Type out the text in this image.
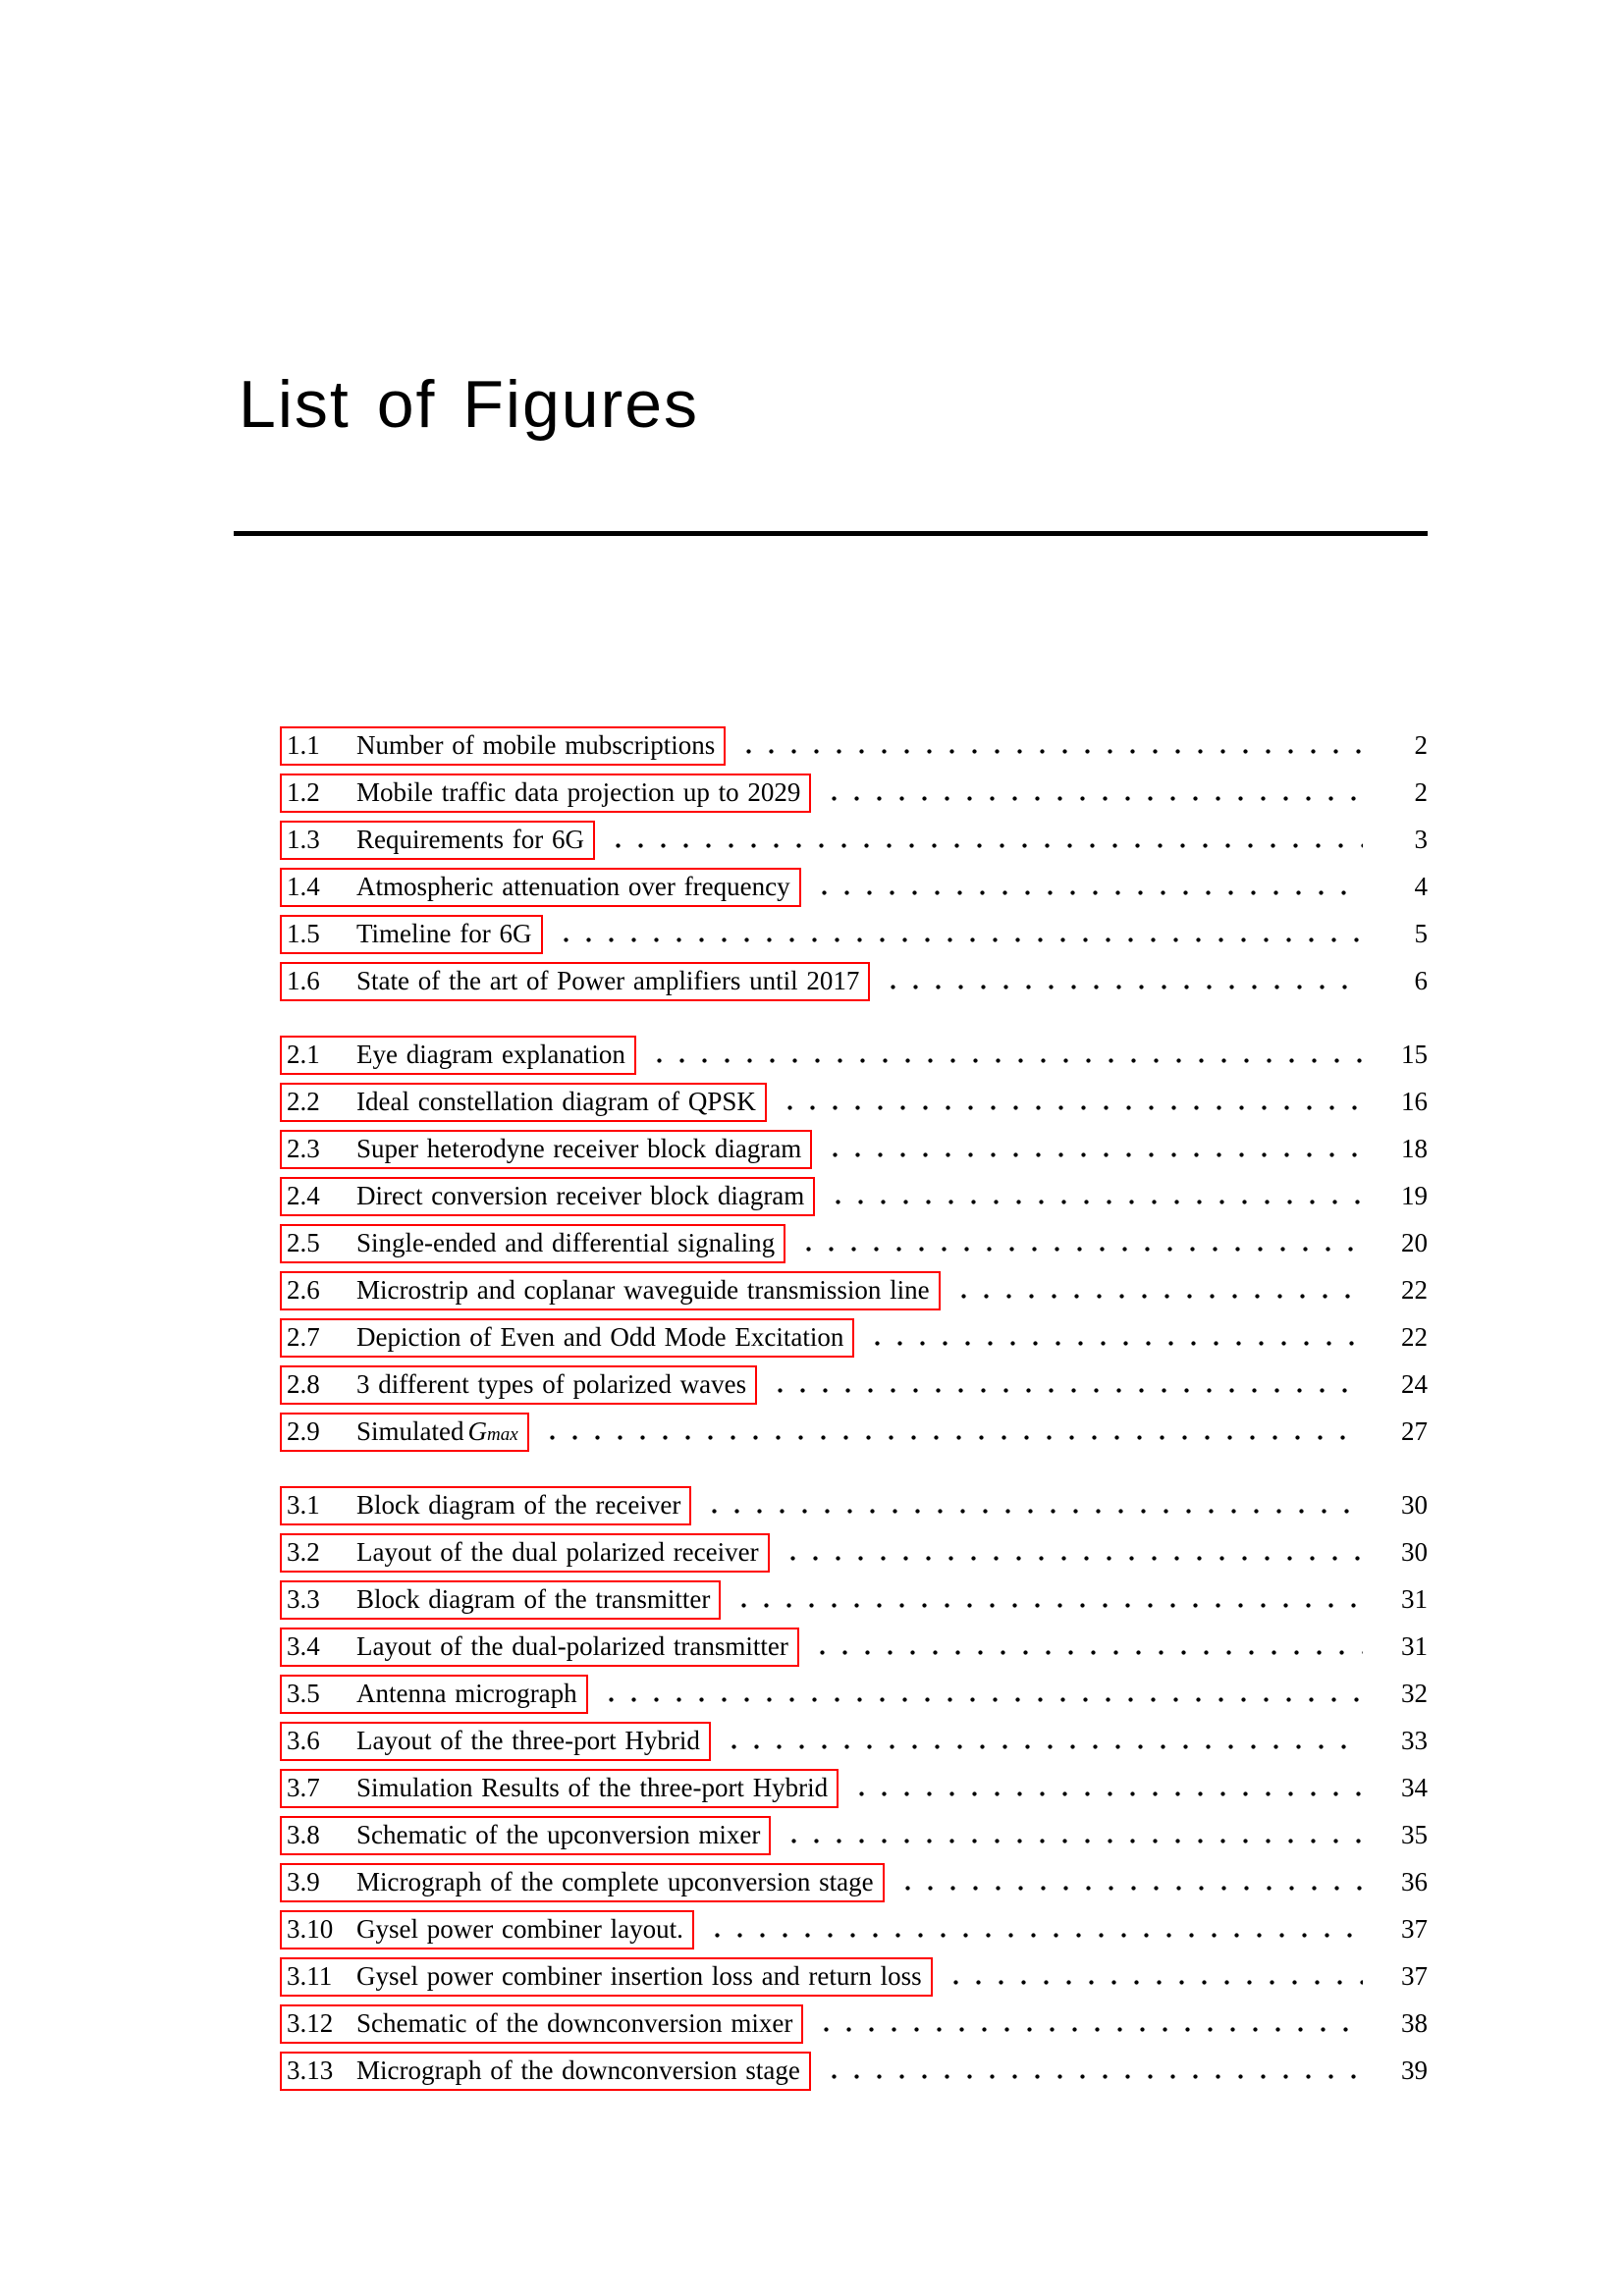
List of Figures
1.1	Number of mobile mubscriptions	2
1.2	Mobile traffic data projection up to 2029	2
1.3	Requirements for 6G	3
1.4	Atmospheric attenuation over frequency	4
1.5	Timeline for 6G	5
1.6	State of the art of Power amplifiers until 2017	6
2.1	Eye diagram explanation	15
2.2	Ideal constellation diagram of QPSK	16
2.3	Super heterodyne receiver block diagram	18
2.4	Direct conversion receiver block diagram	19
2.5	Single-ended and differential signaling	20
2.6	Microstrip and coplanar waveguide transmission line	22
2.7	Depiction of Even and Odd Mode Excitation	22
2.8	3 different types of polarized waves	24
2.9	Simulated G max	27
3.1	Block diagram of the receiver	30
3.2	Layout of the dual polarized receiver	30
3.3	Block diagram of the transmitter	31
3.4	Layout of the dual-polarized transmitter	31
3.5	Antenna micrograph	32
3.6	Layout of the three-port Hybrid	33
3.7	Simulation Results of the three-port Hybrid	34
3.8	Schematic of the upconversion mixer	35
3.9	Micrograph of the complete upconversion stage	36
3.10 Gysel power combiner layout.	37
3.11 Gysel power combiner insertion loss and return loss	37
3.12 Schematic of the downconversion mixer	38
3.13 Micrograph of the downconversion stage	39
